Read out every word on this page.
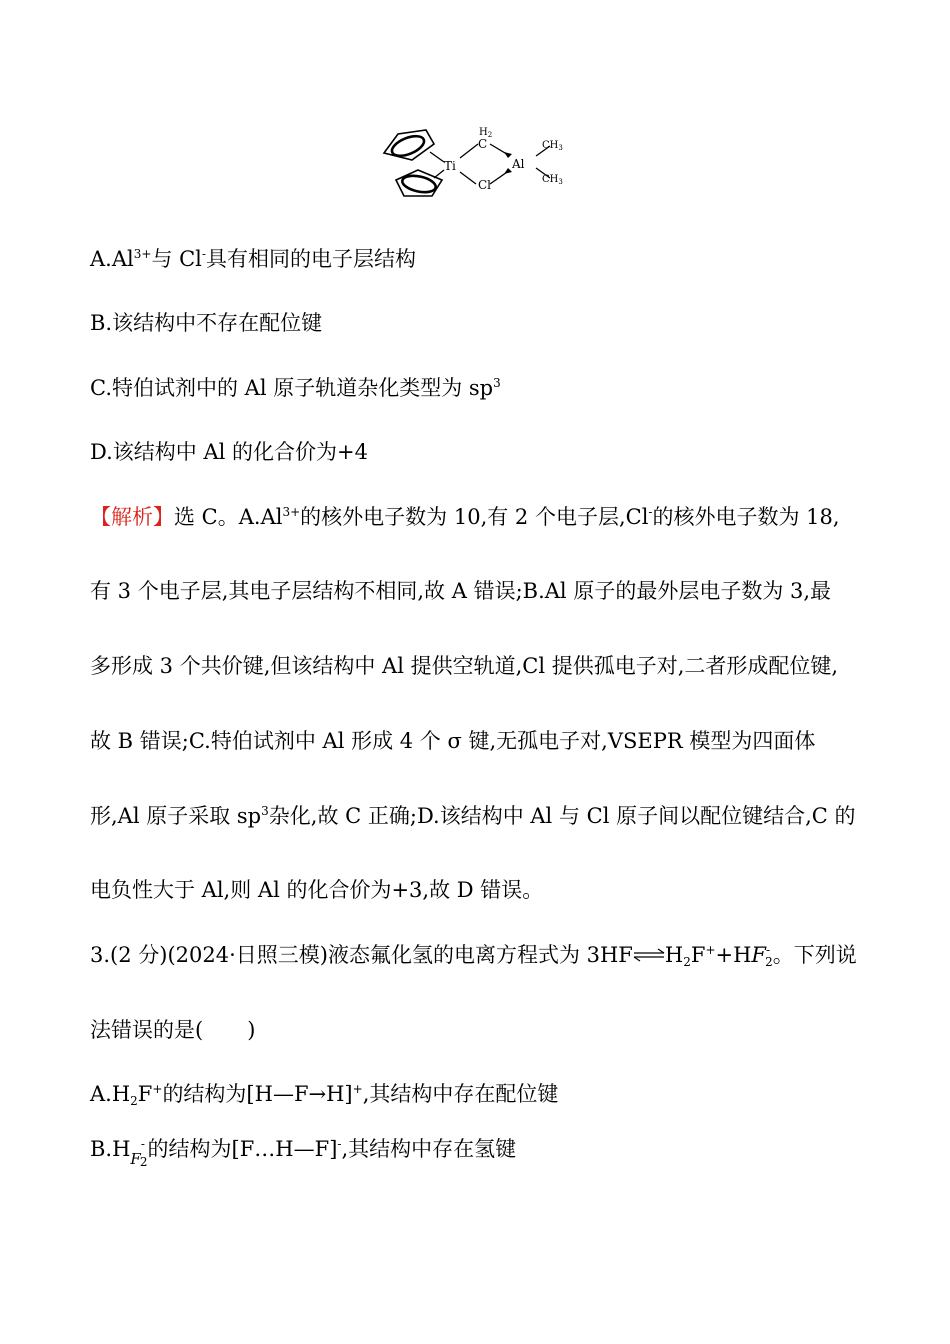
Ti
C
$H_2$
Cl
Al
$CH_3$
$CH_3$
$A.Al^{3+}$与 Cl-具有相同的电子层结构
B.该结构中不存在配位键
C.特伯试剂中的 Al 原子轨道杂化类型为 $sp^3$
D.该结构中 Al 的化合价为+4
【解析】选 C。$A.Al^{3+}$的核外电子数为 10,有 2 个电子层,Cl-的核外电子数为 18,
有 3 个电子层,其电子层结构不相同,故 A 错误;B.Al 原子的最外层电子数为 3,最
多形成 3 个共价键,但该结构中 Al 提供空轨道,Cl 提供孤电子对,二者形成配位键,
故 B 错误;C.特伯试剂中 Al 形成 4 个 σ 键,无孤电子对,VSEPR 模型为四面体
形,Al 原子采取 $sp^3$杂化,故 C 正确;D.该结构中 Al 与 Cl 原子间以配位键结合,C 的
电负性大于 Al,则 Al 的化合价为+3,故 D 错误。
3.(2 分)(2024·日照三模)液态氟化氢的电离方程式为 $3HF\rightleftharpoons H_2F^++HF^-_2$。下列说
法错误的是( )
$A.H_2F^+$的结构为[H—F→H]+,其结构中存在配位键
$B.H_F^-_2$的结构为[F…H—F]-,其结构中存在氢键
